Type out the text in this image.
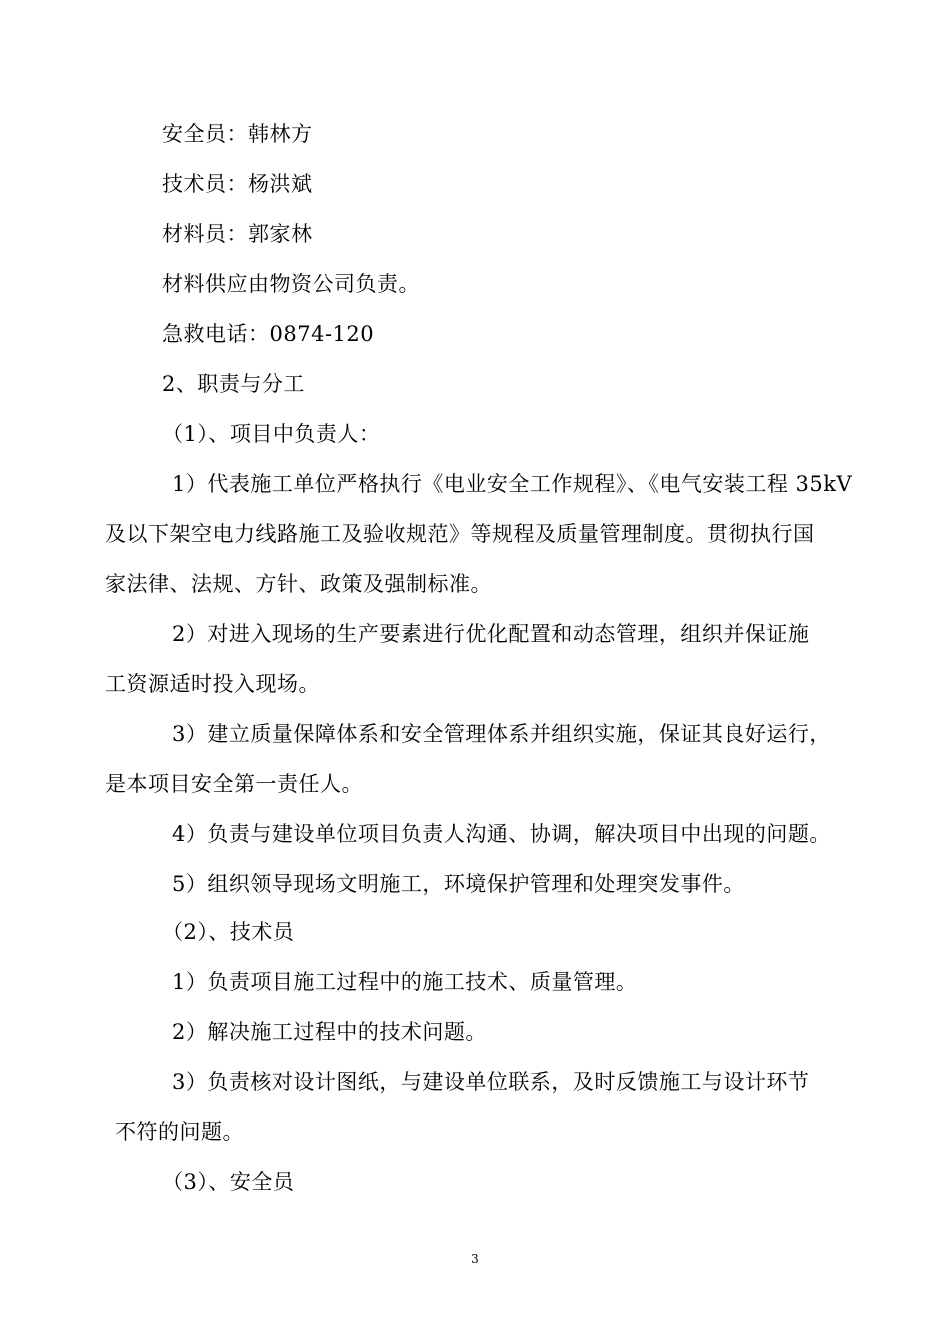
安全员：韩林方
技术员：杨洪斌
材料员：郭家林
材料供应由物资公司负责。
急救电话：0874-120
2、职责与分工
（1）、项目中负责人：
1）代表施工单位严格执行《电业安全工作规程》、《电气安装工程 35kV
及以下架空电力线路施工及验收规范》等规程及质量管理制度。贯彻执行国
家法律、法规、方针、政策及强制标准。
2）对进入现场的生产要素进行优化配置和动态管理，组织并保证施
工资源适时投入现场。
3）建立质量保障体系和安全管理体系并组织实施，保证其良好运行，
是本项目安全第一责任人。
4）负责与建设单位项目负责人沟通、协调，解决项目中出现的问题。
5）组织领导现场文明施工，环境保护管理和处理突发事件。
（2）、技术员
1）负责项目施工过程中的施工技术、质量管理。
2）解决施工过程中的技术问题。
3）负责核对设计图纸，与建设单位联系，及时反馈施工与设计环节
不符的问题。
（3）、安全员
3
